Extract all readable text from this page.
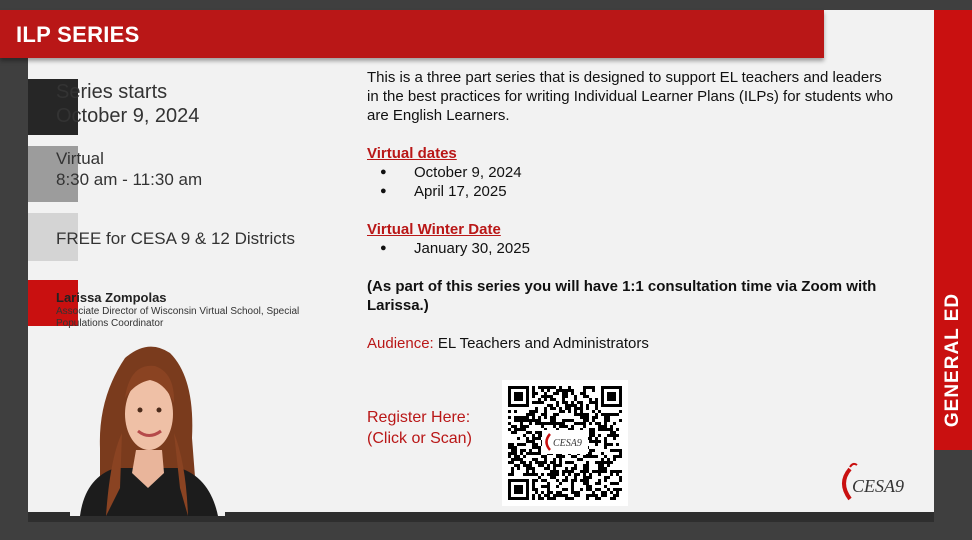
GENERAL ED
ILP SERIES
Series starts
October 9, 2024
Virtual
8:30 am - 11:30 am
FREE for CESA 9 & 12 Districts
Larissa Zompolas
Associate Director of Wisconsin Virtual School, Special Populations Coordinator

This is a three part series that is designed to support EL teachers and leaders in the best practices for writing Individual Learner Plans (ILPs) for students who are English Learners.

Virtual dates

● October 9, 2024

● April 17, 2025

Virtual Winter Date

● January 30, 2025

(As part of this series you will have 1:1 consultation time via Zoom with Larissa.)

Audience: EL Teachers and Administrators

Register Here:
(Click or Scan)	CESA9
CESA9
